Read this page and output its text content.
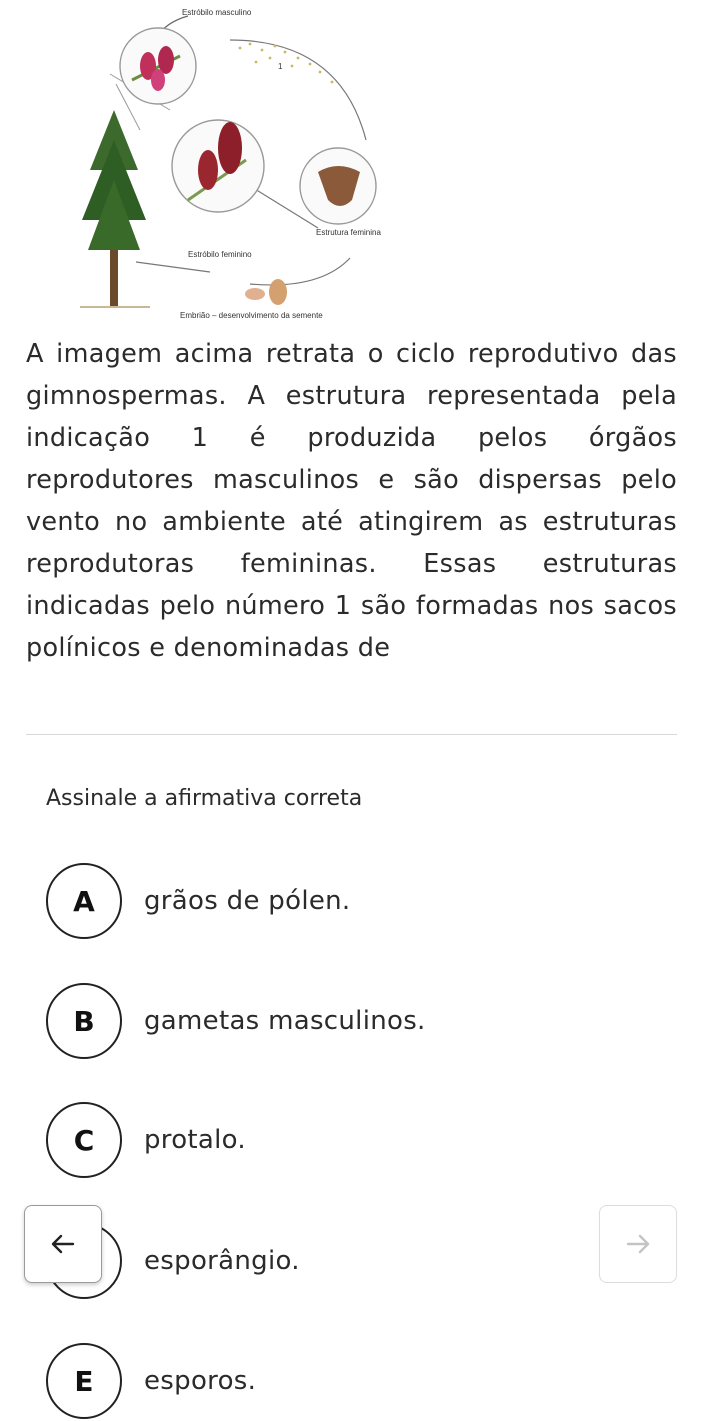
Estróbilo masculino
1
Estrutura feminina
Estróbilo feminino
Embrião – desenvolvimento da semente

A imagem acima retrata o ciclo reprodutivo das gimnospermas. A estrutura representada pela indicação 1 é produzida pelos órgãos reprodutores masculinos e são dispersas pelo vento no ambiente até atingirem as estruturas reprodutoras femininas. Essas estruturas indicadas pelo número 1 são formadas nos sacos polínicos e denominadas de

Assinale a afirmativa correta
A	grãos de pólen.
B	gametas masculinos.
C	protalo.
esporângio.
E	esporos.
